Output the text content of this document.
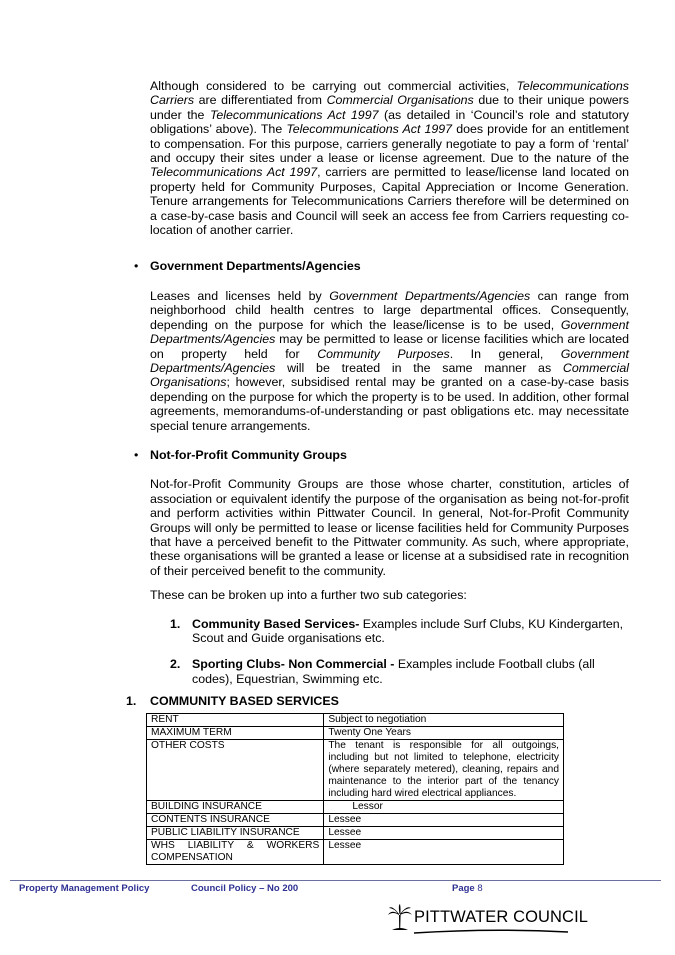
Although considered to be carrying out commercial activities, Telecommunications Carriers are differentiated from Commercial Organisations due to their unique powers under the Telecommunications Act 1997 (as detailed in ‘Council’s role and statutory obligations’ above). The Telecommunications Act 1997 does provide for an entitlement to compensation. For this purpose, carriers generally negotiate to pay a form of ‘rental’ and occupy their sites under a lease or license agreement. Due to the nature of the Telecommunications Act 1997, carriers are permitted to lease/license land located on property held for Community Purposes, Capital Appreciation or Income Generation. Tenure arrangements for Telecommunications Carriers therefore will be determined on a case-by-case basis and Council will seek an access fee from Carriers requesting co-location of another carrier.

• Government Departments/Agencies

Leases and licenses held by Government Departments/Agencies can range from neighborhood child health centres to large departmental offices. Consequently, depending on the purpose for which the lease/license is to be used, Government Departments/Agencies may be permitted to lease or license facilities which are located on property held for Community Purposes. In general, Government Departments/Agencies will be treated in the same manner as Commercial Organisations; however, subsidised rental may be granted on a case-by-case basis depending on the purpose for which the property is to be used. In addition, other formal agreements, memorandums-of-understanding or past obligations etc. may necessitate special tenure arrangements.

• Not-for-Profit Community Groups

Not-for-Profit Community Groups are those whose charter, constitution, articles of association or equivalent identify the purpose of the organisation as being not-for-profit and perform activities within Pittwater Council. In general, Not-for-Profit Community Groups will only be permitted to lease or license facilities held for Community Purposes that have a perceived benefit to the Pittwater community. As such, where appropriate, these organisations will be granted a lease or license at a subsidised rate in recognition of their perceived benefit to the community.

These can be broken up into a further two sub categories:

1. Community Based Services- Examples include Surf Clubs, KU Kindergarten, Scout and Guide organisations etc.
2. Sporting Clubs- Non Commercial - Examples include Football clubs (all codes), Equestrian, Swimming etc.
1. COMMUNITY BASED SERVICES
RENT	Subject to negotiation
MAXIMUM TERM	Twenty One Years
OTHER COSTS	The tenant is responsible for all outgoings, including but not limited to telephone, electricity (where separately metered), cleaning, repairs and maintenance to the interior part of the tenancy including hard wired electrical appliances.
BUILDING INSURANCE	Lessor
CONTENTS INSURANCE	Lessee
PUBLIC LIABILITY INSURANCE	Lessee
WHS LIABILITY & WORKERS COMPENSATION	Lessee
Property Management Policy	Council Policy – No 200	Page 8
PITTWATER COUNCIL
